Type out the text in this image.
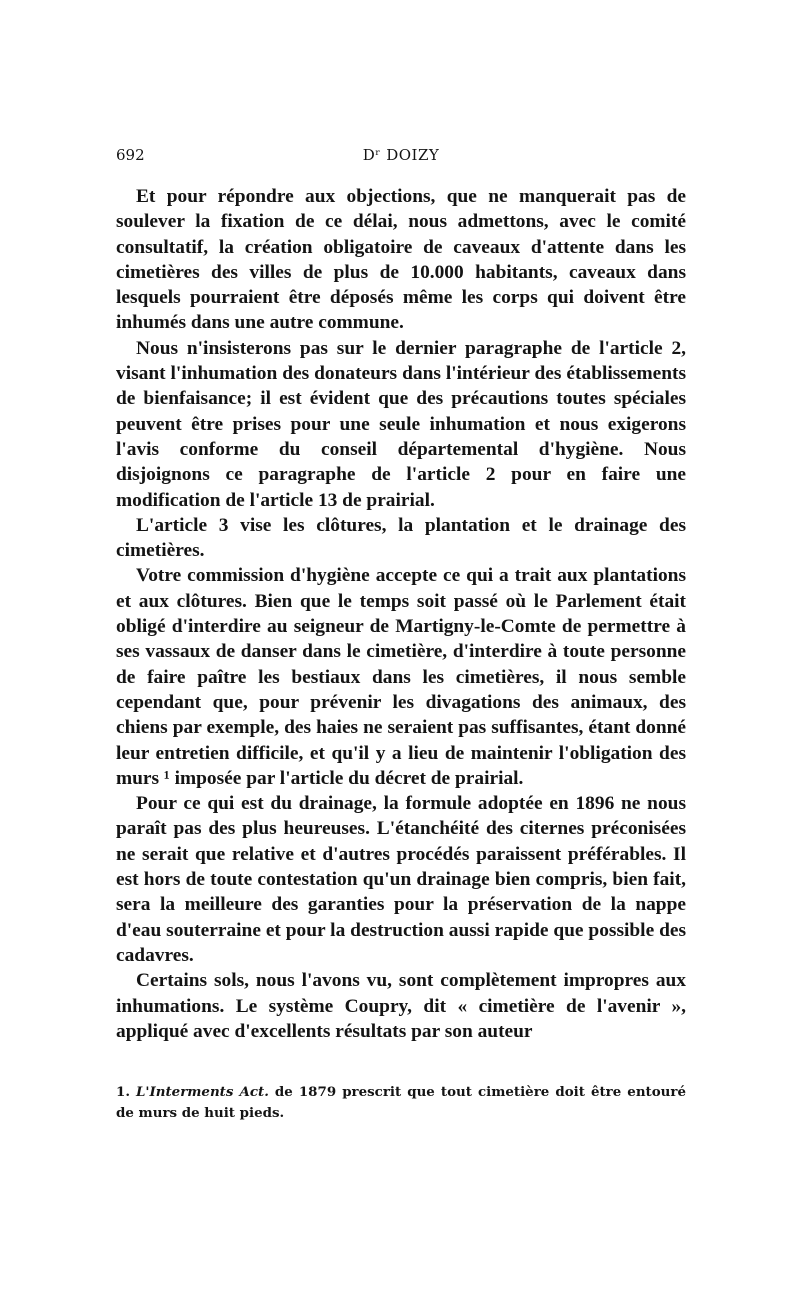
692	Dʳ DOIZY

Et pour répondre aux objections, que ne manquerait pas de soulever la fixation de ce délai, nous admettons, avec le comité consultatif, la création obligatoire de caveaux d'attente dans les cimetières des villes de plus de 10.000 habitants, caveaux dans lesquels pourraient être déposés même les corps qui doivent être inhumés dans une autre commune.

Nous n'insisterons pas sur le dernier paragraphe de l'article 2, visant l'inhumation des donateurs dans l'intérieur des établissements de bienfaisance; il est évident que des précautions toutes spéciales peuvent être prises pour une seule inhumation et nous exigerons l'avis conforme du conseil départemental d'hygiène. Nous disjoignons ce paragraphe de l'article 2 pour en faire une modification de l'article 13 de prairial.

L'article 3 vise les clôtures, la plantation et le drainage des cimetières.

Votre commission d'hygiène accepte ce qui a trait aux plantations et aux clôtures. Bien que le temps soit passé où le Parlement était obligé d'interdire au seigneur de Martigny-le-Comte de permettre à ses vassaux de danser dans le cimetière, d'interdire à toute personne de faire paître les bestiaux dans les cimetières, il nous semble cependant que, pour prévenir les divagations des animaux, des chiens par exemple, des haies ne seraient pas suffisantes, étant donné leur entretien difficile, et qu'il y a lieu de maintenir l'obligation des murs ¹ imposée par l'article du décret de prairial.

Pour ce qui est du drainage, la formule adoptée en 1896 ne nous paraît pas des plus heureuses. L'étanchéité des citernes préconisées ne serait que relative et d'autres procédés paraissent préférables. Il est hors de toute contestation qu'un drainage bien compris, bien fait, sera la meilleure des garanties pour la préservation de la nappe d'eau souterraine et pour la destruction aussi rapide que possible des cadavres.

Certains sols, nous l'avons vu, sont complètement impropres aux inhumations. Le système Coupry, dit « cimetière de l'avenir », appliqué avec d'excellents résultats par son auteur

1. L'Interments Act. de 1879 prescrit que tout cimetière doit être entouré de murs de huit pieds.
